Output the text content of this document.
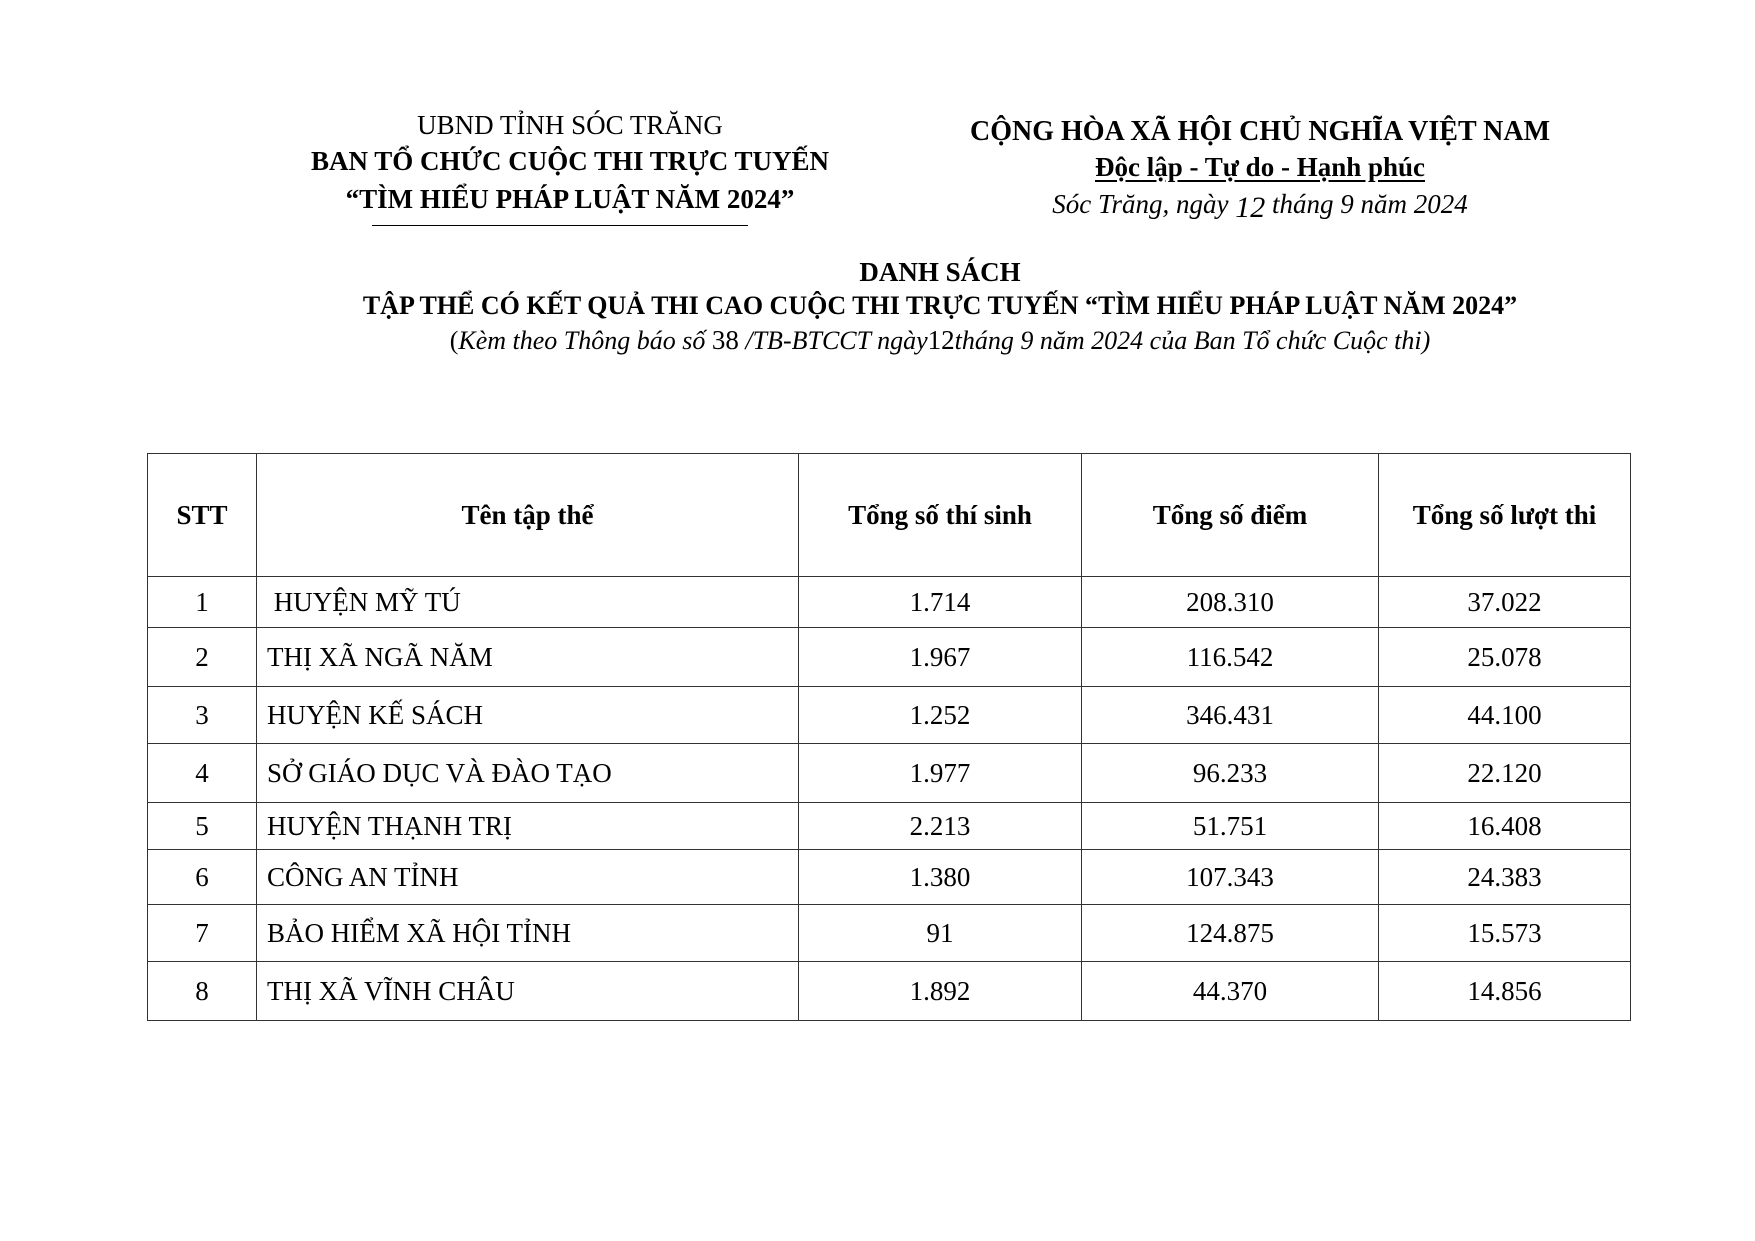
UBND TỈNH SÓC TRĂNG
BAN TỔ CHỨC CUỘC THI TRỰC TUYẾN
“TÌM HIỂU PHÁP LUẬT NĂM 2024”
CỘNG HÒA XÃ HỘI CHỦ NGHĨA VIỆT NAM
Độc lập - Tự do - Hạnh phúc
Sóc Trăng, ngày 12 tháng 9 năm 2024
DANH SÁCH
TẬP THỂ CÓ KẾT QUẢ THI CAO CUỘC THI TRỰC TUYẾN “TÌM HIỂU PHÁP LUẬT NĂM 2024”
(Kèm theo Thông báo số 38 /TB-BTCCT ngày12tháng 9 năm 2024 của Ban Tổ chức Cuộc thi)
STT	Tên tập thể	Tổng số thí sinh	Tổng số điểm	Tổng số lượt thi
1	HUYỆN MỸ TÚ	1.714	208.310	37.022
2	THỊ XÃ NGÃ NĂM	1.967	116.542	25.078
3	HUYỆN KẾ SÁCH	1.252	346.431	44.100
4	SỞ GIÁO DỤC VÀ ĐÀO TẠO	1.977	96.233	22.120
5	HUYỆN THẠNH TRỊ	2.213	51.751	16.408
6	CÔNG AN TỈNH	1.380	107.343	24.383
7	BẢO HIỂM XÃ HỘI TỈNH	91	124.875	15.573
8	THỊ XÃ VĨNH CHÂU	1.892	44.370	14.856
